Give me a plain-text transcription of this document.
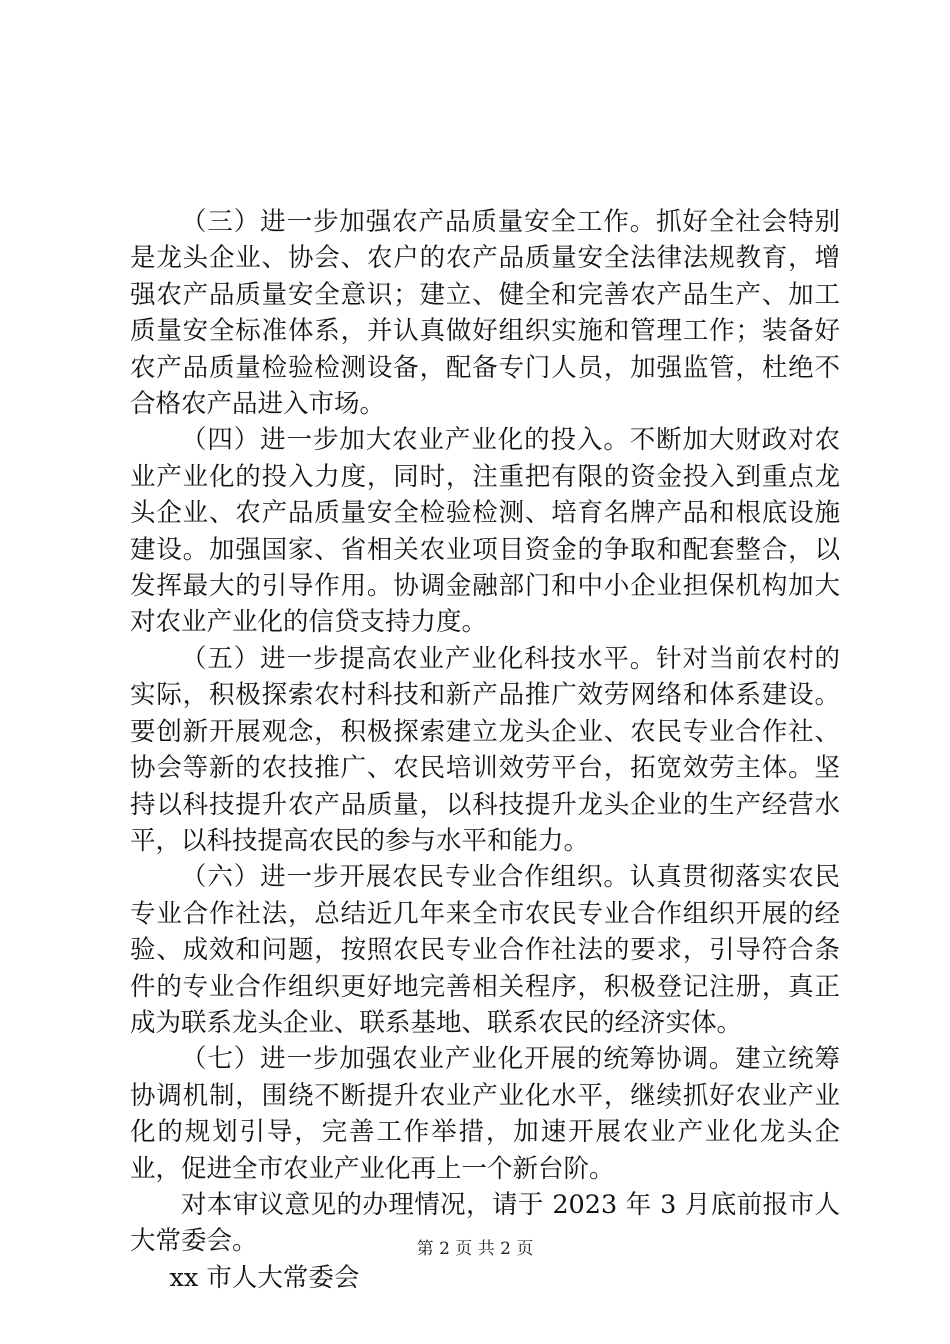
（三）进一步加强农产品质量安全工作。抓好全社会特别是龙头企业、协会、农户的农产品质量安全法律法规教育，增强农产品质量安全意识；建立、健全和完善农产品生产、加工质量安全标准体系，并认真做好组织实施和管理工作；装备好农产品质量检验检测设备，配备专门人员，加强监管，杜绝不合格农产品进入市场。

（四）进一步加大农业产业化的投入。不断加大财政对农业产业化的投入力度，同时，注重把有限的资金投入到重点龙头企业、农产品质量安全检验检测、培育名牌产品和根底设施建设。加强国家、省相关农业项目资金的争取和配套整合，以发挥最大的引导作用。协调金融部门和中小企业担保机构加大对农业产业化的信贷支持力度。

（五）进一步提高农业产业化科技水平。针对当前农村的实际，积极探索农村科技和新产品推广效劳网络和体系建设。要创新开展观念，积极探索建立龙头企业、农民专业合作社、协会等新的农技推广、农民培训效劳平台，拓宽效劳主体。坚持以科技提升农产品质量，以科技提升龙头企业的生产经营水平，以科技提高农民的参与水平和能力。

（六）进一步开展农民专业合作组织。认真贯彻落实农民专业合作社法，总结近几年来全市农民专业合作组织开展的经验、成效和问题，按照农民专业合作社法的要求，引导符合条件的专业合作组织更好地完善相关程序，积极登记注册，真正成为联系龙头企业、联系基地、联系农民的经济实体。

（七）进一步加强农业产业化开展的统筹协调。建立统筹协调机制，围绕不断提升农业产业化水平，继续抓好农业产业化的规划引导，完善工作举措，加速开展农业产业化龙头企业，促进全市农业产业化再上一个新台阶。

对本审议意见的办理情况，请于 2023 年 3 月底前报市人大常委会。

xx 市人大常委会

第 2 页 共 2 页
